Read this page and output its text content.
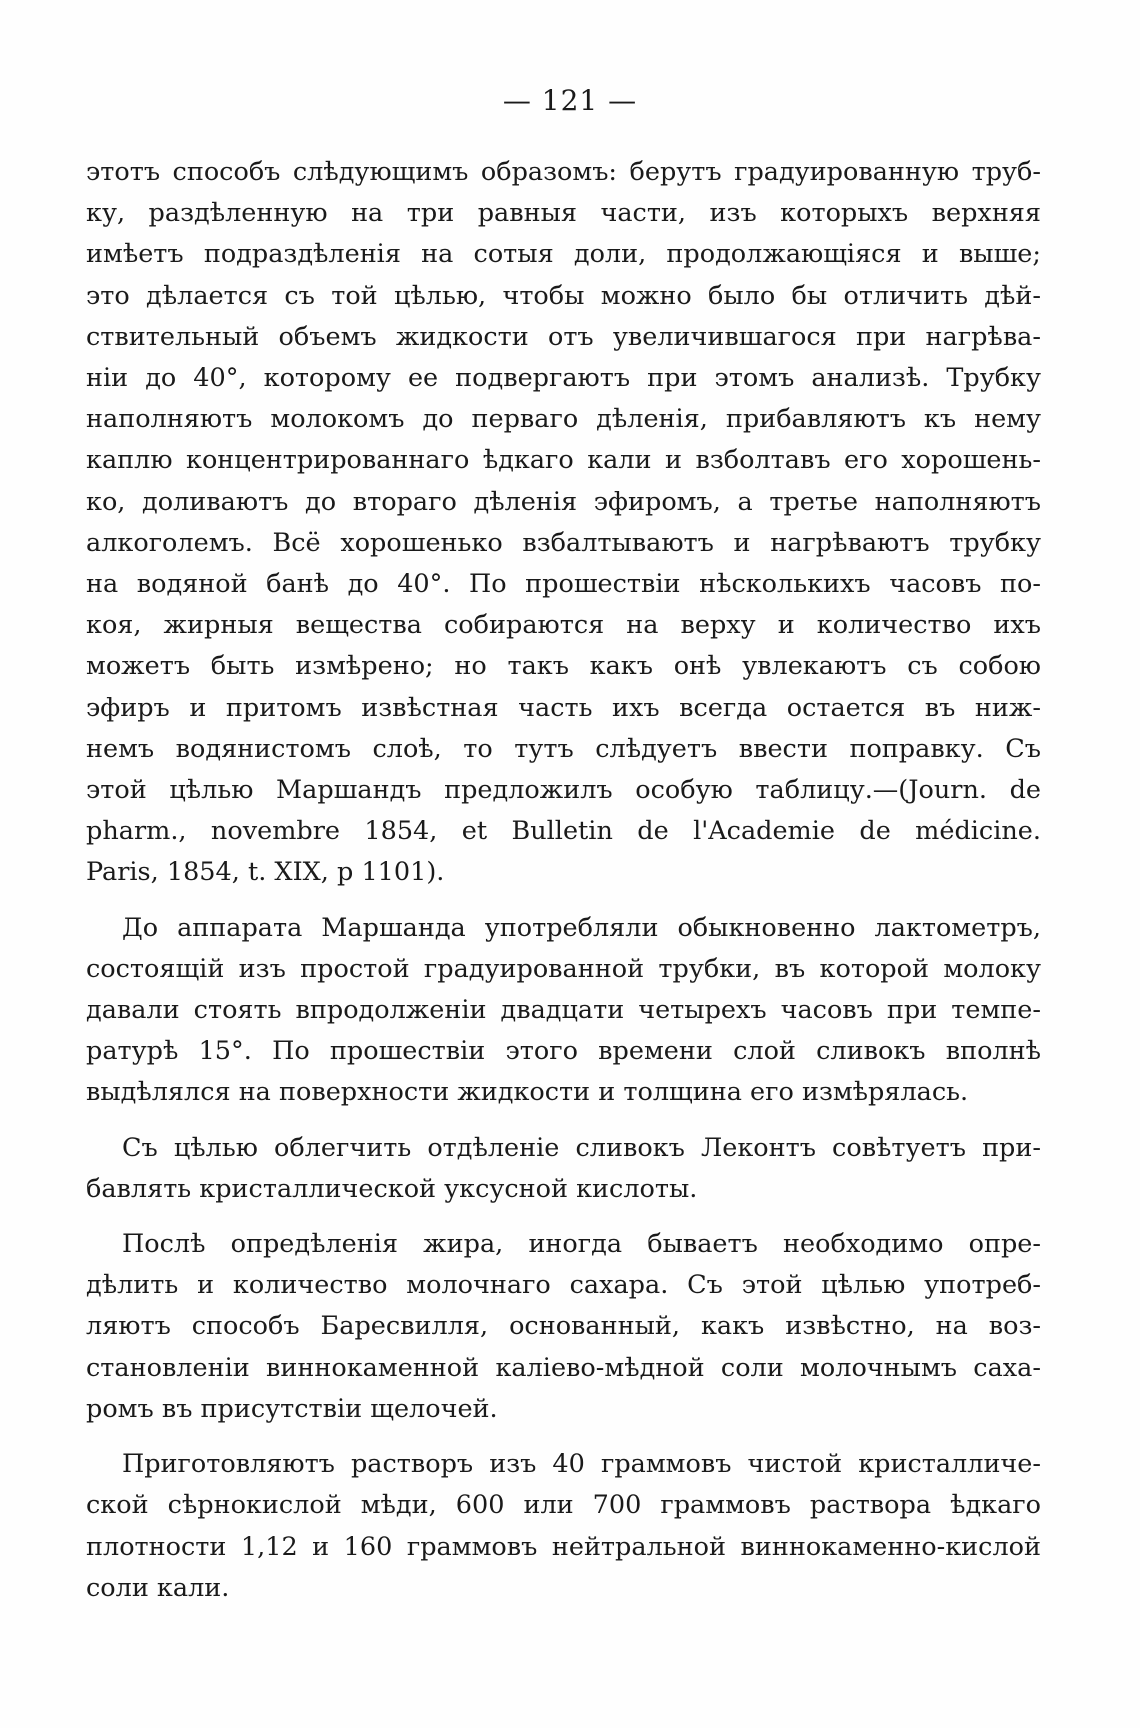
— 121 —
этотъ способъ слѣдующимъ образомъ: берутъ градуированную труб-
ку, раздѣленную на три равныя части, изъ которыхъ верхняя
имѣетъ подраздѣленія на сотыя доли, продолжающіяся и выше;
это дѣлается съ той цѣлью, чтобы можно было бы отличить дѣй-
ствительный объемъ жидкости отъ увеличившагося при нагрѣва-
ніи до 40°, которому ее подвергаютъ при этомъ анализѣ. Трубку
наполняютъ молокомъ до перваго дѣленія, прибавляютъ къ нему
каплю концентрированнаго ѣдкаго кали и взболтавъ его хорошень-
ко, доливаютъ до втораго дѣленія эфиромъ, а третье наполняютъ
алкоголемъ. Всё хорошенько взбалтываютъ и нагрѣваютъ трубку
на водяной банѣ до 40°. По прошествіи нѣсколькихъ часовъ по-
коя, жирныя вещества собираются на верху и количество ихъ
можетъ быть измѣрено; но такъ какъ онѣ увлекаютъ съ собою
эфиръ и притомъ извѣстная часть ихъ всегда остается въ ниж-
немъ водянистомъ слоѣ, то тутъ слѣдуетъ ввести поправку. Съ
этой цѣлью Маршандъ предложилъ особую таблицу.—(Journ. de
pharm., novembre 1854, et Bulletin de l'Academie de médicine.
Paris, 1854, t. XIX, p 1101).
До аппарата Маршанда употребляли обыкновенно лактометръ,
состоящій изъ простой градуированной трубки, въ которой молоку
давали стоять впродолженіи двадцати четырехъ часовъ при темпе-
ратурѣ 15°. По прошествіи этого времени слой сливокъ вполнѣ
выдѣлялся на поверхности жидкости и толщина его измѣрялась.
Съ цѣлью облегчить отдѣленіе сливокъ Леконтъ совѣтуетъ при-
бавлять кристаллической уксусной кислоты.
Послѣ опредѣленія жира, иногда бываетъ необходимо опре-
дѣлить и количество молочнаго сахара. Съ этой цѣлью употреб-
ляютъ способъ Баресвилля, основанный, какъ извѣстно, на воз-
становленіи виннокаменной каліево-мѣдной соли молочнымъ саха-
ромъ въ присутствіи щелочей.
Приготовляютъ растворъ изъ 40 граммовъ чистой кристалличе-
ской сѣрнокислой мѣди, 600 или 700 граммовъ раствора ѣдкаго
плотности 1,12 и 160 граммовъ нейтральной виннокаменно-кислой
соли кали.
